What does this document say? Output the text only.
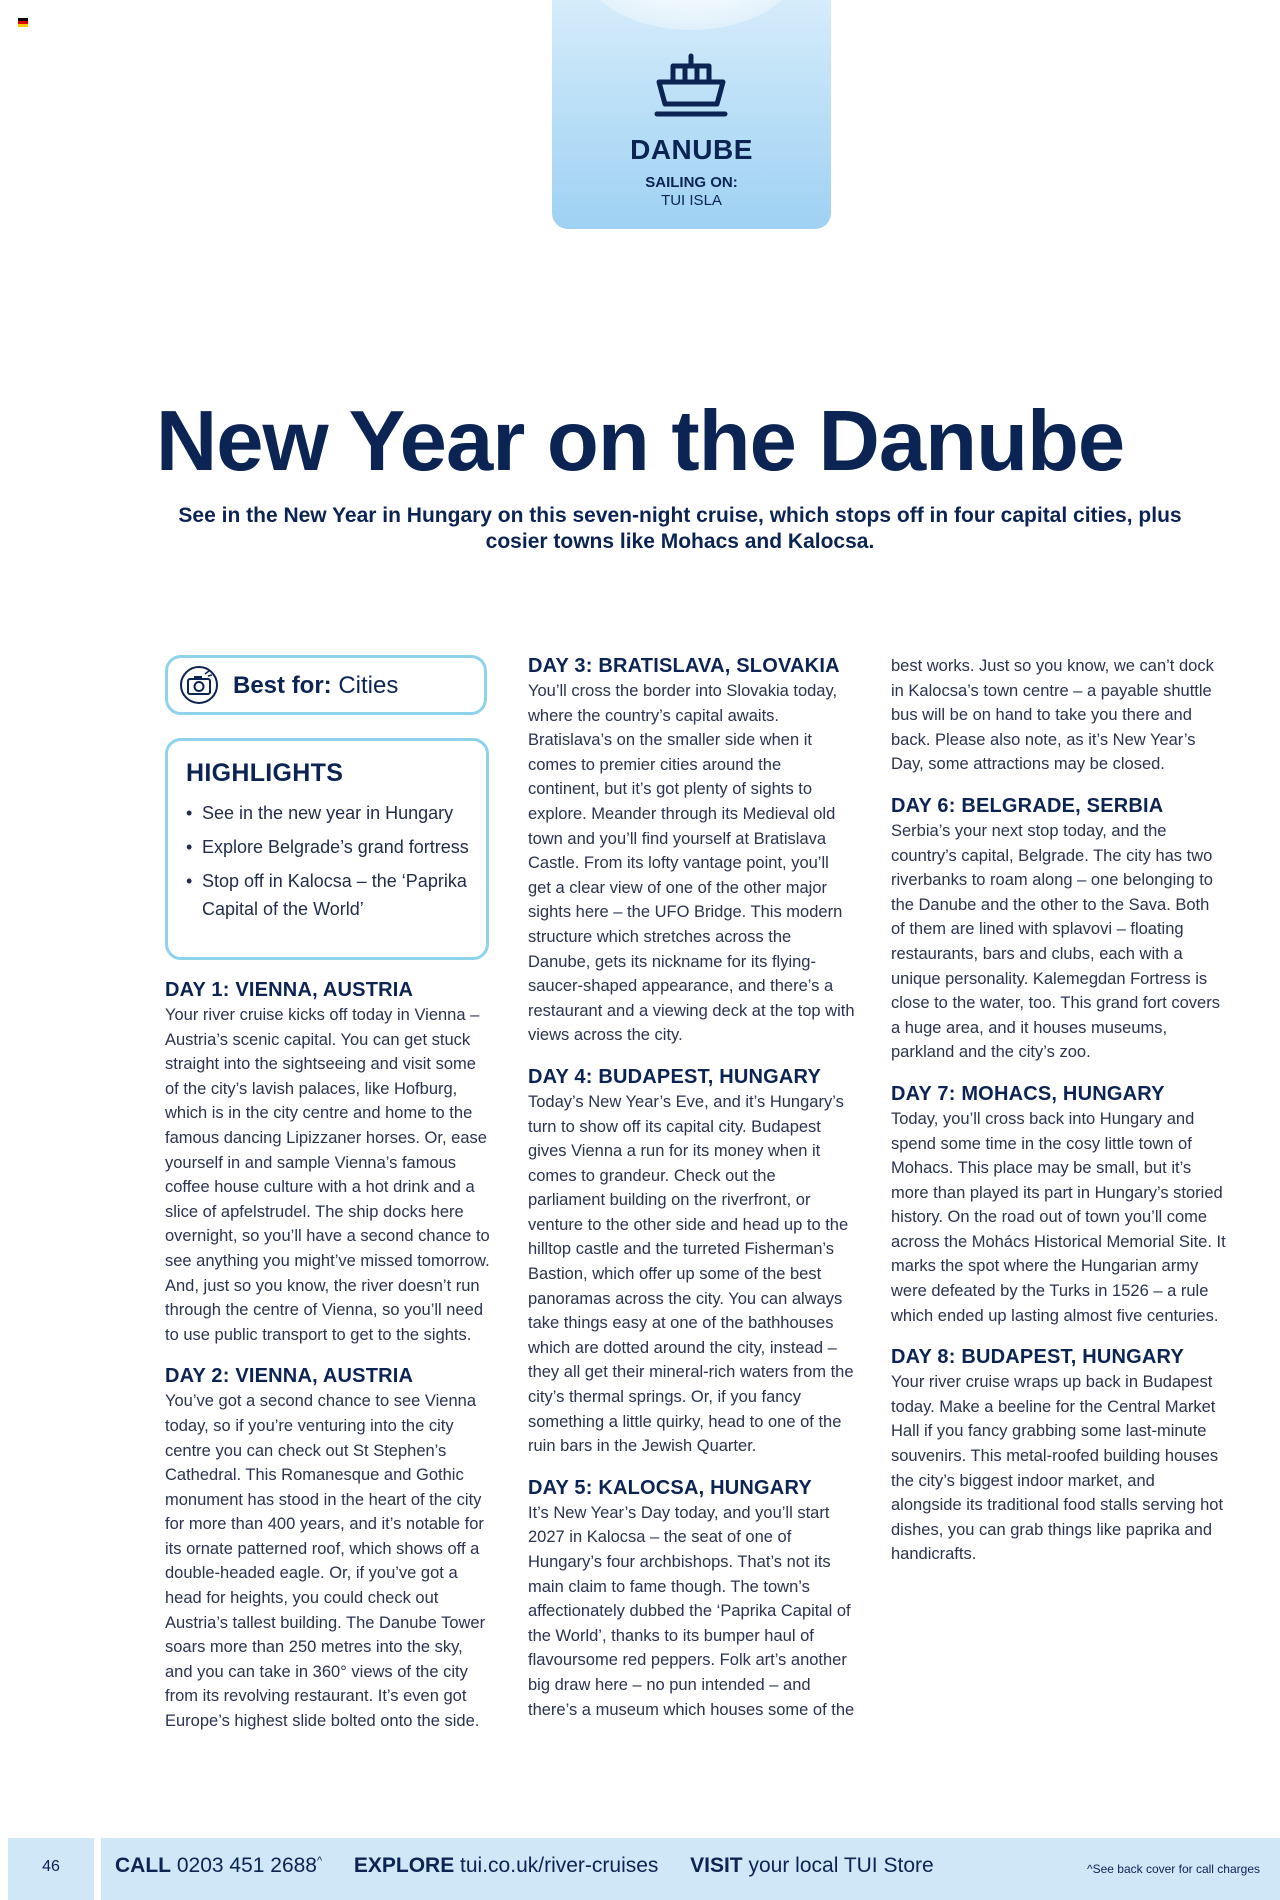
DANUBE
SAILING ON:
TUI ISLA
New Year on the Danube
See in the New Year in Hungary on this seven-night cruise, which stops off in four capital cities, plus cosier towns like Mohacs and Kalocsa.
Best for: Cities
HIGHLIGHTS
• See in the new year in Hungary
• Explore Belgrade’s grand fortress
• Stop off in Kalocsa – the ‘Paprika Capital of the World’
DAY 1: VIENNA, AUSTRIA

Your river cruise kicks off today in Vienna – Austria’s scenic capital. You can get stuck straight into the sightseeing and visit some of the city’s lavish palaces, like Hofburg, which is in the city centre and home to the famous dancing Lipizzaner horses. Or, ease yourself in and sample Vienna’s famous coffee house culture with a hot drink and a slice of apfelstrudel. The ship docks here overnight, so you’ll have a second chance to see anything you might’ve missed tomorrow. And, just so you know, the river doesn’t run through the centre of Vienna, so you’ll need to use public transport to get to the sights.

DAY 2: VIENNA, AUSTRIA

You’ve got a second chance to see Vienna today, so if you’re venturing into the city centre you can check out St Stephen’s Cathedral. This Romanesque and Gothic monument has stood in the heart of the city for more than 400 years, and it’s notable for its ornate patterned roof, which shows off a double-headed eagle. Or, if you’ve got a head for heights, you could check out Austria’s tallest building. The Danube Tower soars more than 250 metres into the sky, and you can take in 360° views of the city from its revolving restaurant. It’s even got Europe’s highest slide bolted onto the side.

DAY 3: BRATISLAVA, SLOVAKIA

You’ll cross the border into Slovakia today, where the country’s capital awaits. Bratislava’s on the smaller side when it comes to premier cities around the continent, but it’s got plenty of sights to explore. Meander through its Medieval old town and you’ll find yourself at Bratislava Castle. From its lofty vantage point, you’ll get a clear view of one of the other major sights here – the UFO Bridge. This modern structure which stretches across the Danube, gets its nickname for its flying-saucer-shaped appearance, and there’s a restaurant and a viewing deck at the top with views across the city.

DAY 4: BUDAPEST, HUNGARY

Today’s New Year’s Eve, and it’s Hungary’s turn to show off its capital city. Budapest gives Vienna a run for its money when it comes to grandeur. Check out the parliament building on the riverfront, or venture to the other side and head up to the hilltop castle and the turreted Fisherman’s Bastion, which offer up some of the best panoramas across the city. You can always take things easy at one of the bathhouses which are dotted around the city, instead – they all get their mineral-rich waters from the city’s thermal springs. Or, if you fancy something a little quirky, head to one of the ruin bars in the Jewish Quarter.

DAY 5: KALOCSA, HUNGARY

It’s New Year’s Day today, and you’ll start 2027 in Kalocsa – the seat of one of Hungary’s four archbishops. That’s not its main claim to fame though. The town’s affectionately dubbed the ‘Paprika Capital of the World’, thanks to its bumper haul of flavoursome red peppers. Folk art’s another big draw here – no pun intended – and there’s a museum which houses some of the

best works. Just so you know, we can’t dock in Kalocsa’s town centre – a payable shuttle bus will be on hand to take you there and back. Please also note, as it’s New Year’s Day, some attractions may be closed.

DAY 6: BELGRADE, SERBIA

Serbia’s your next stop today, and the country’s capital, Belgrade. The city has two riverbanks to roam along – one belonging to the Danube and the other to the Sava. Both of them are lined with splavovi – floating restaurants, bars and clubs, each with a unique personality. Kalemegdan Fortress is close to the water, too. This grand fort covers a huge area, and it houses museums, parkland and the city’s zoo.

DAY 7: MOHACS, HUNGARY

Today, you’ll cross back into Hungary and spend some time in the cosy little town of Mohacs. This place may be small, but it’s more than played its part in Hungary’s storied history. On the road out of town you’ll come across the Mohács Historical Memorial Site. It marks the spot where the Hungarian army were defeated by the Turks in 1526 – a rule which ended up lasting almost five centuries.

DAY 8: BUDAPEST, HUNGARY

Your river cruise wraps up back in Budapest today. Make a beeline for the Central Market Hall if you fancy grabbing some last-minute souvenirs. This metal-roofed building houses the city’s biggest indoor market, and alongside its traditional food stalls serving hot dishes, you can grab things like paprika and handicrafts.

46	CALL 0203 451 2688^ EXPLORE tui.co.uk/river-cruises VISIT your local TUI Store	^See back cover for call charges
